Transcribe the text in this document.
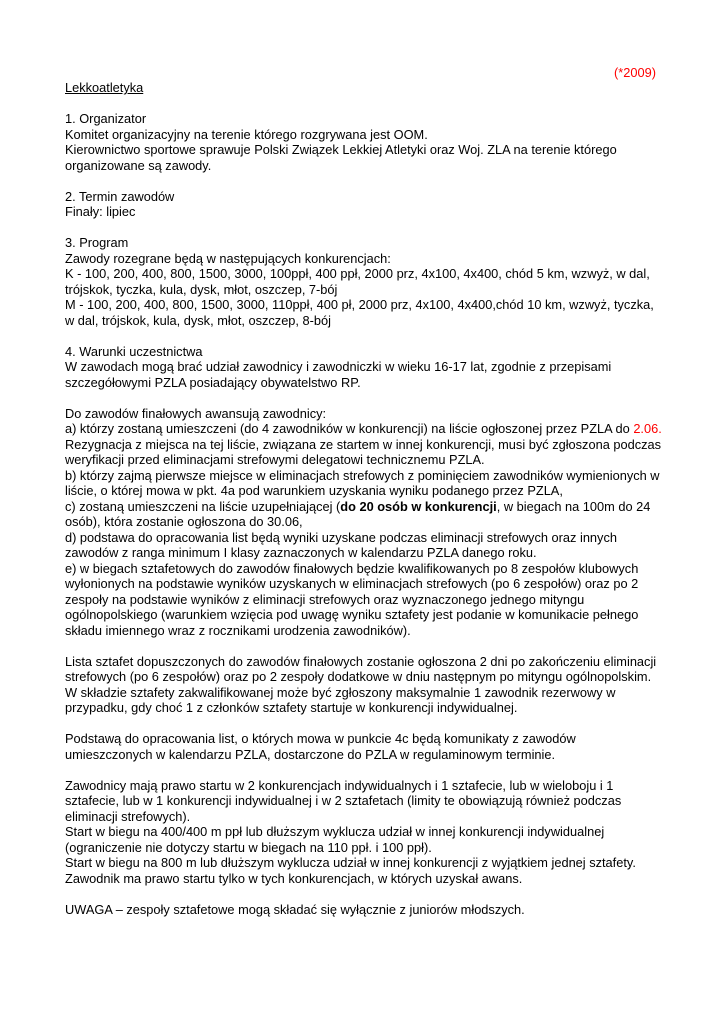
(*2009)

Lekkoatletyka

1. Organizator

Komitet organizacyjny na terenie którego rozgrywana jest OOM.

Kierownictwo sportowe sprawuje Polski Związek Lekkiej Atletyki oraz Woj. ZLA na terenie którego organizowane są zawody.

2. Termin zawodów

Finały: lipiec

3. Program

Zawody rozegrane będą w następujących konkurencjach:

K - 100, 200, 400, 800, 1500, 3000, 100ppł, 400 ppł, 2000 prz, 4x100, 4x400, chód 5 km, wzwyż, w dal, trójskok, tyczka, kula, dysk, młot, oszczep, 7-bój

M - 100, 200, 400, 800, 1500, 3000, 110ppł, 400 pł, 2000 prz, 4x100, 4x400,chód 10 km, wzwyż, tyczka, w dal, trójskok, kula, dysk, młot, oszczep, 8-bój

4. Warunki uczestnictwa

W zawodach mogą brać udział zawodnicy i zawodniczki w wieku 16-17 lat, zgodnie z przepisami szczegółowymi PZLA posiadający obywatelstwo RP.

Do zawodów finałowych awansują zawodnicy:

a) którzy zostaną umieszczeni (do 4 zawodników w konkurencji) na liście ogłoszonej przez PZLA do 2.06. Rezygnacja z miejsca na tej liście, związana ze startem w innej konkurencji, musi być zgłoszona podczas weryfikacji przed eliminacjami strefowymi delegatowi technicznemu PZLA.

b) którzy zajmą pierwsze miejsce w eliminacjach strefowych z pominięciem zawodników wymienionych w liście, o której mowa w pkt. 4a pod warunkiem uzyskania wyniku podanego przez PZLA,

c) zostaną umieszczeni na liście uzupełniającej (do 20 osób w konkurencji, w biegach na 100m do 24 osób), która zostanie ogłoszona do 30.06,

d) podstawa do opracowania list będą wyniki uzyskane podczas eliminacji strefowych oraz innych zawodów z ranga minimum I klasy zaznaczonych w kalendarzu PZLA danego roku.

e) w biegach sztafetowych do zawodów finałowych będzie kwalifikowanych po 8 zespołów klubowych wyłonionych na podstawie wyników uzyskanych w eliminacjach strefowych (po 6 zespołów) oraz po 2 zespoły na podstawie wyników z eliminacji strefowych oraz wyznaczonego jednego mityngu ogólnopolskiego (warunkiem wzięcia pod uwagę wyniku sztafety jest podanie w komunikacie pełnego składu imiennego wraz z rocznikami urodzenia zawodników).

Lista sztafet dopuszczonych do zawodów finałowych zostanie ogłoszona 2 dni po zakończeniu eliminacji strefowych (po 6 zespołów) oraz po 2 zespoły dodatkowe w dniu następnym po mityngu ogólnopolskim.

W składzie sztafety zakwalifikowanej może być zgłoszony maksymalnie 1 zawodnik rezerwowy w przypadku, gdy choć 1 z członków sztafety startuje w konkurencji indywidualnej.

Podstawą do opracowania list, o których mowa w punkcie 4c będą komunikaty z zawodów umieszczonych w kalendarzu PZLA, dostarczone do PZLA w regulaminowym terminie.

Zawodnicy mają prawo startu w 2 konkurencjach indywidualnych i 1 sztafecie, lub w wieloboju i 1 sztafecie, lub w 1 konkurencji indywidualnej i w 2 sztafetach (limity te obowiązują również podczas eliminacji strefowych).

Start w biegu na 400/400 m ppł lub dłuższym wyklucza udział w innej konkurencji indywidualnej (ograniczenie nie dotyczy startu w biegach na 110 ppł. i 100 ppł).

Start w biegu na 800 m lub dłuższym wyklucza udział w innej konkurencji z wyjątkiem jednej sztafety.

Zawodnik ma prawo startu tylko w tych konkurencjach, w których uzyskał awans.

UWAGA – zespoły sztafetowe mogą składać się wyłącznie z juniorów młodszych.
